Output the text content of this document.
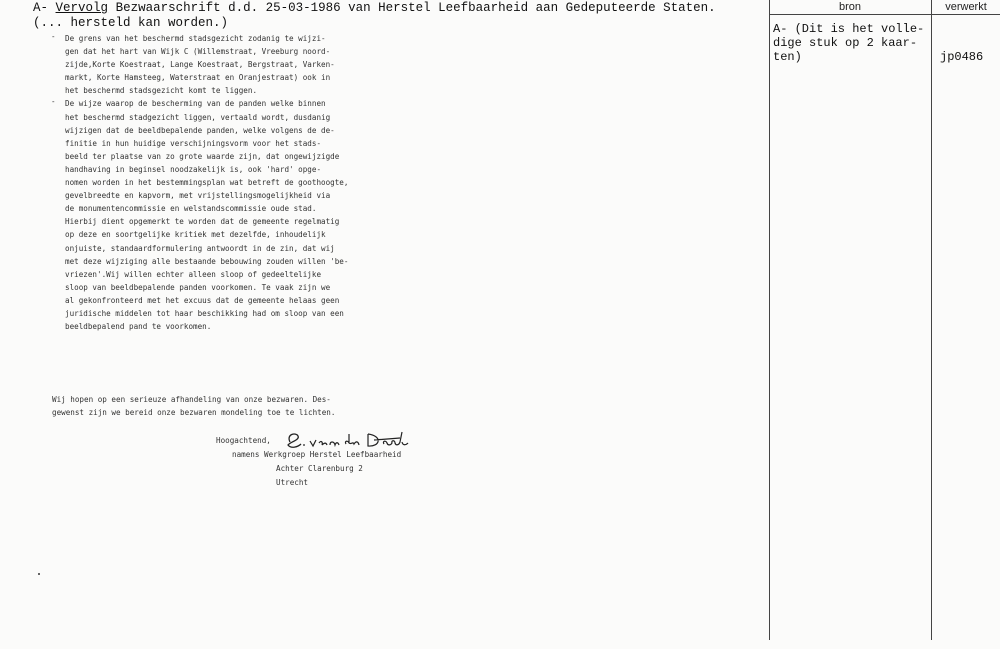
A- Vervolg Bezwaarschrift d.d. 25-03-1986 van Herstel Leefbaarheid aan Gedeputeerde Staten.
(... hersteld kan worden.)
- De grens van het beschermd stadsgezicht zodanig te wijzi-
gen dat het hart van Wijk C (Willemstraat, Vreeburg noord-
zijde,Korte Koestraat, Lange Koestraat, Bergstraat, Varken-
markt, Korte Hamsteeg, Waterstraat en Oranjestraat) ook in
het beschermd stadsgezicht komt te liggen.
- De wijze waarop de bescherming van de panden welke binnen
het beschermd stadgezicht liggen, vertaald wordt, dusdanig
wijzigen dat de beeldbepalende panden, welke volgens de de-
finitie in hun huidige verschijningsvorm voor het stads-
beeld ter plaatse van zo grote waarde zijn, dat ongewijzigde
handhaving in beginsel noodzakelijk is, ook 'hard' opge-
nomen worden in het bestemmingsplan wat betreft de goothoogte,
gevelbreedte en kapvorm, met vrijstellingsmogelijkheid via
de monumentencommissie en welstandscommissie oude stad.
Hierbij dient opgemerkt te worden dat de gemeente regelmatig
op deze en soortgelijke kritiek met dezelfde, inhoudelijk
onjuiste, standaardformulering antwoordt in de zin, dat wij
met deze wijziging alle bestaande bebouwing zouden willen 'be-
vriezen'.Wij willen echter alleen sloop of gedeeltelijke
sloop van beeldbepalende panden voorkomen. Te vaak zijn we
al gekonfronteerd met het excuus dat de gemeente helaas geen
juridische middelen tot haar beschikking had om sloop van een
beeldbepalend pand te voorkomen.
Wij hopen op een serieuze afhandeling van onze bezwaren. Des-
gewenst zijn we bereid onze bezwaren mondeling toe te lichten.
Hoogachtend,
namens Werkgroep Herstel Leefbaarheid
Achter Clarenburg 2
Utrecht
bron	verwerkt
A- (Dit is het volle-
dige stuk op 2 kaar-
ten)	jp0486
